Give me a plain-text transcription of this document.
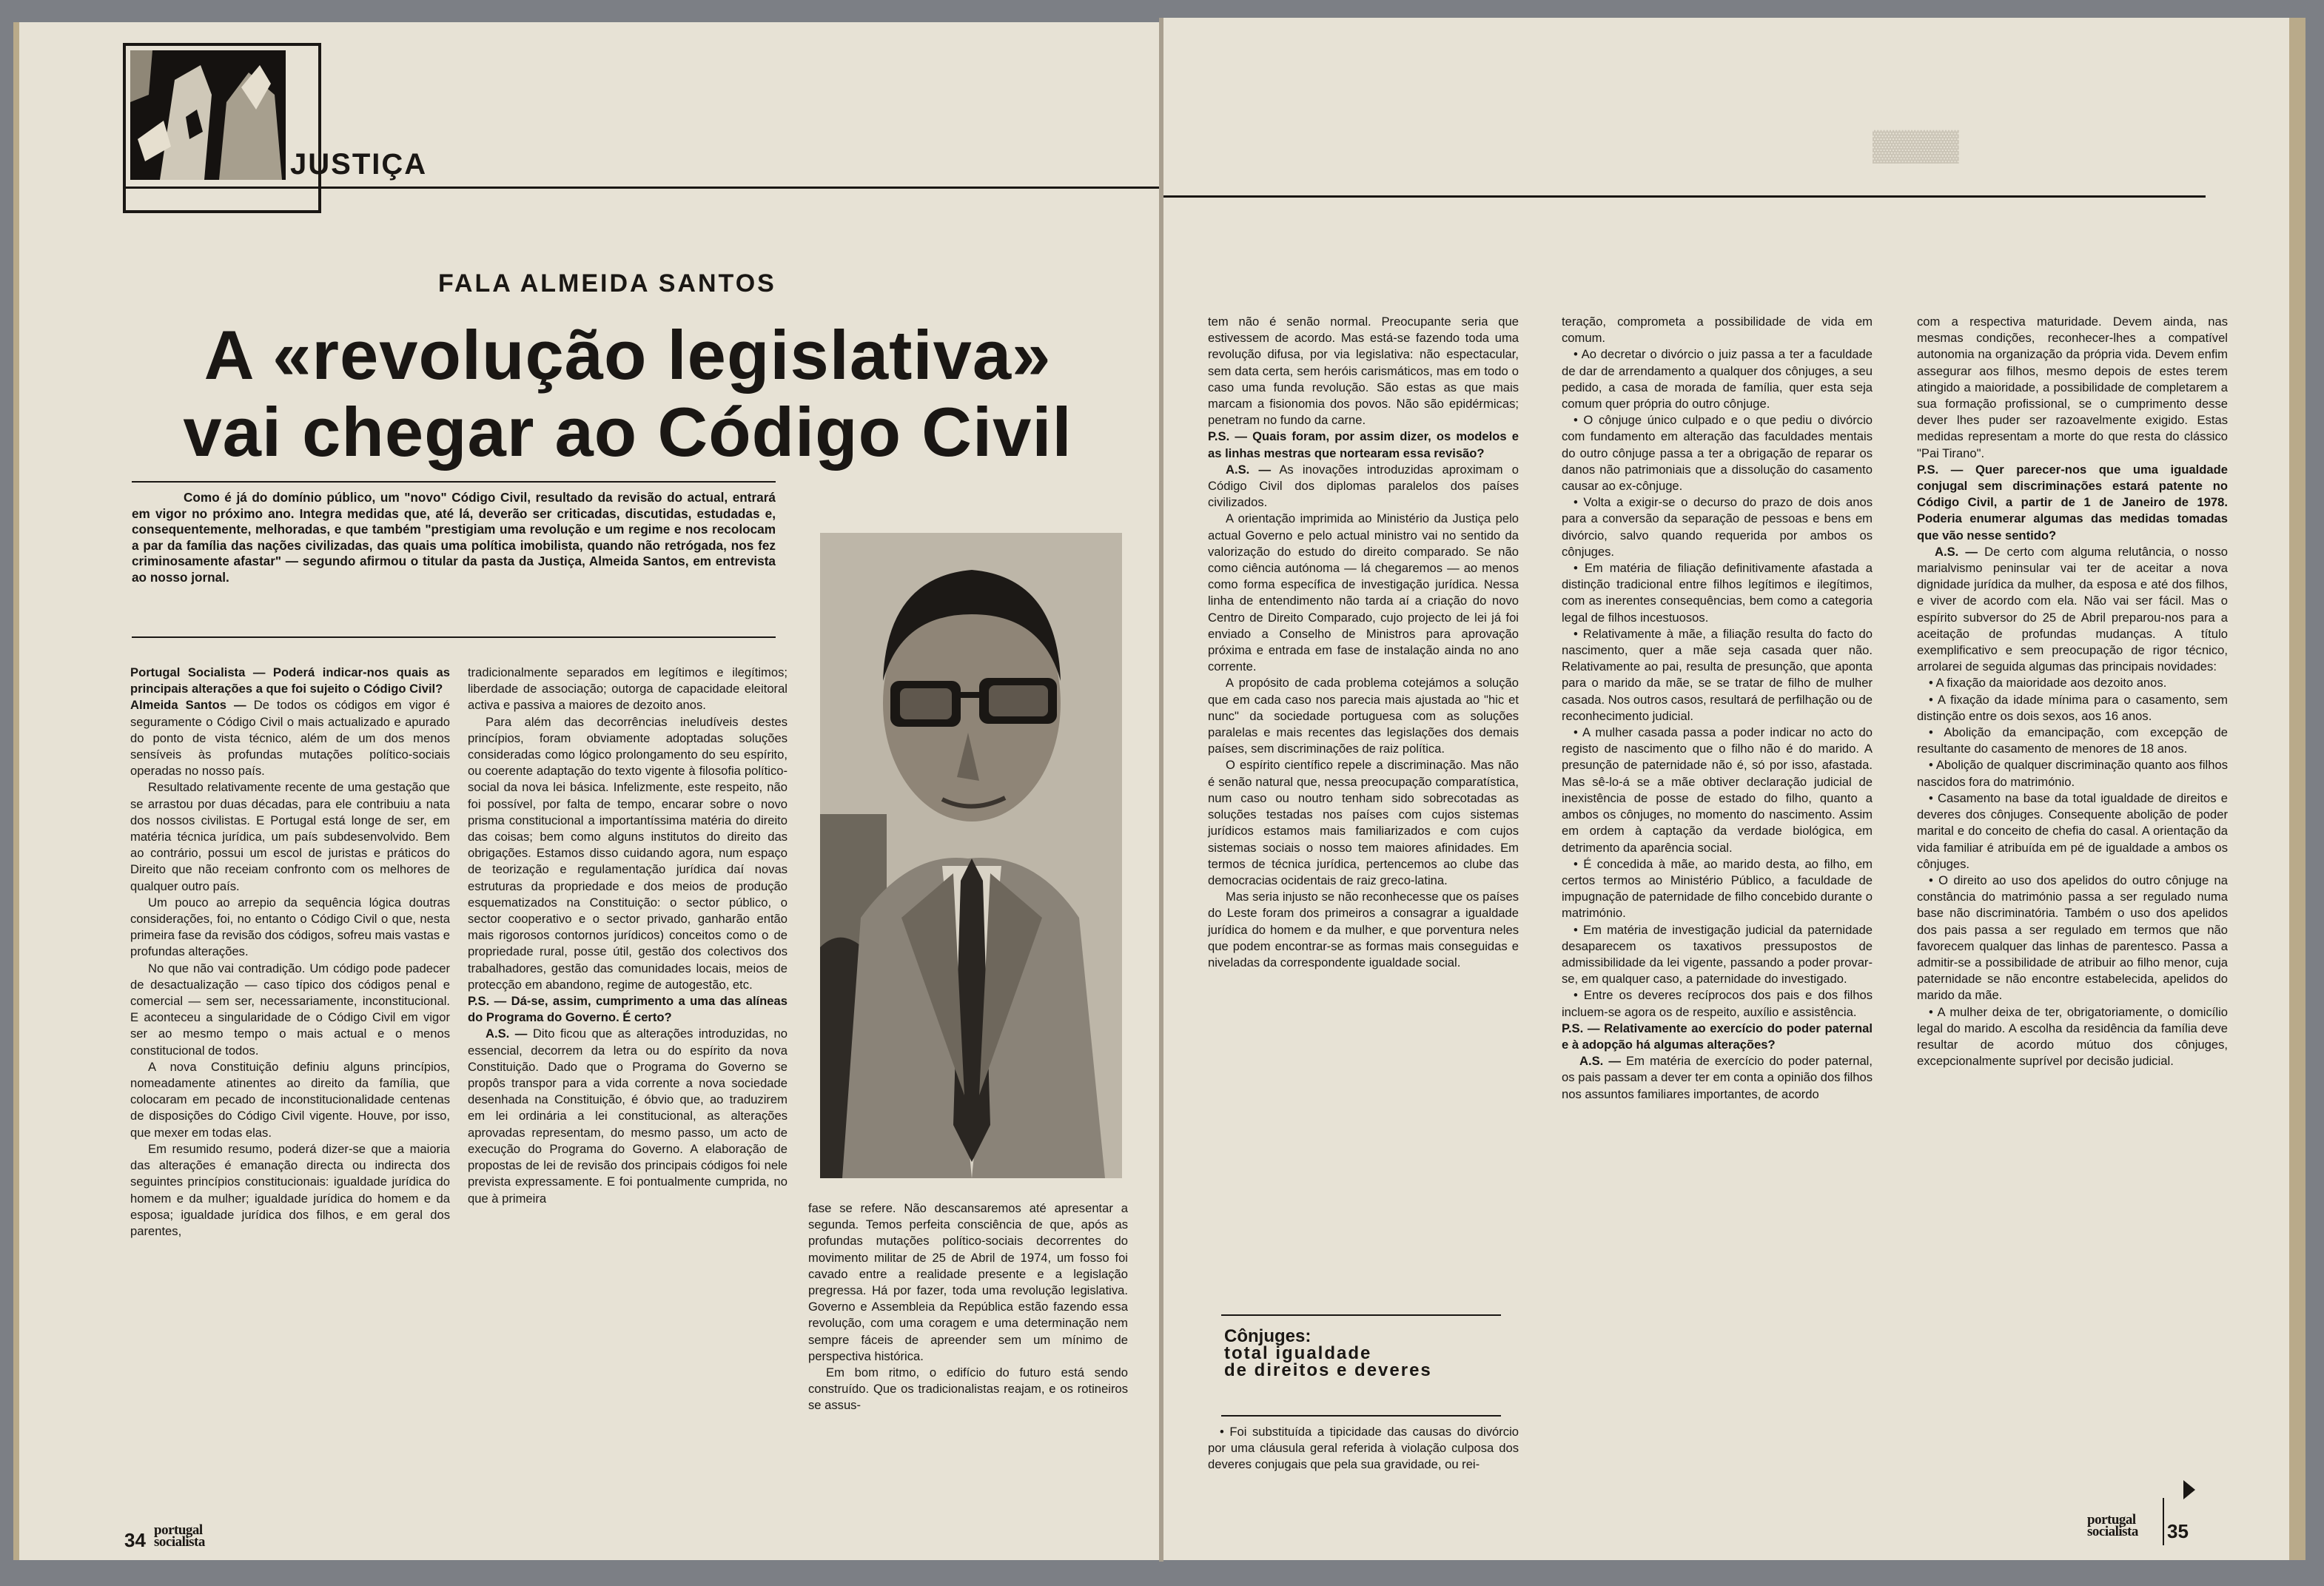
JUSTIÇA
FALA ALMEIDA SANTOS
A «revolução legislativa»
vai chegar ao Código Civil
Como é já do domínio público, um "novo" Código Civil, resultado da revisão do actual, entrará em vigor no próximo ano. Integra medidas que, até lá, deverão ser criticadas, discutidas, estudadas e, consequentemente, melhoradas, e que também "prestigiam uma revolução e um regime e nos recolocam a par da família das nações civilizadas, das quais uma política imobilista, quando não retrógada, nos fez criminosamente afastar" — segundo afirmou o titular da pasta da Justiça, Almeida Santos, em entrevista ao nosso jornal.

Portugal Socialista — Poderá indicar-nos quais as principais alterações a que foi sujeito o Código Civil?

Almeida Santos — De todos os códigos em vigor é seguramente o Código Civil o mais actualizado e apurado do ponto de vista técnico, além de um dos menos sensíveis às profundas mutações político-sociais operadas no nosso país.

Resultado relativamente recente de uma gestação que se arrastou por duas décadas, para ele contribuiu a nata dos nossos civilistas. E Portugal está longe de ser, em matéria técnica jurídica, um país subdesenvolvido. Bem ao contrário, possui um escol de juristas e práticos do Direito que não receiam confronto com os melhores de qualquer outro país.

Um pouco ao arrepio da sequência lógica doutras considerações, foi, no entanto o Código Civil o que, nesta primeira fase da revisão dos códigos, sofreu mais vastas e profundas alterações.

No que não vai contradição. Um código pode padecer de desactualização — caso típico dos códigos penal e comercial — sem ser, necessariamente, inconstitucional. E aconteceu a singularidade de o Código Civil em vigor ser ao mesmo tempo o mais actual e o menos constitucional de todos.

A nova Constituição definiu alguns princípios, nomeadamente atinentes ao direito da família, que colocaram em pecado de inconstitucionalidade centenas de disposições do Código Civil vigente. Houve, por isso, que mexer em todas elas.

Em resumido resumo, poderá dizer-se que a maioria das alterações é emanação directa ou indirecta dos seguintes princípios constitucionais: igualdade jurídica do homem e da mulher; igualdade jurídica do homem e da esposa; igualdade jurídica dos filhos, e em geral dos parentes,

tradicionalmente separados em legítimos e ilegítimos; liberdade de associação; outorga de capacidade eleitoral activa e passiva a maiores de dezoito anos.

Para além das decorrências ineludíveis destes princípios, foram obviamente adoptadas soluções consideradas como lógico prolongamento do seu espírito, ou coerente adaptação do texto vigente à filosofia político-social da nova lei básica. Infelizmente, este respeito, não foi possível, por falta de tempo, encarar sobre o novo prisma constitucional a importantíssima matéria do direito das coisas; bem como alguns institutos do direito das obrigações. Estamos disso cuidando agora, num espaço de teorização e regulamentação jurídica daí novas estruturas da propriedade e dos meios de produção esquematizados na Constituição: o sector público, o sector cooperativo e o sector privado, ganharão então mais rigorosos contornos jurídicos) conceitos como o de propriedade rural, posse útil, gestão dos colectivos dos trabalhadores, gestão das comunidades locais, meios de protecção em abandono, regime de autogestão, etc.

P.S. — Dá-se, assim, cumprimento a uma das alíneas do Programa do Governo. É certo?

A.S. — Dito ficou que as alterações introduzidas, no essencial, decorrem da letra ou do espírito da nova Constituição. Dado que o Programa do Governo se propôs transpor para a vida corrente a nova sociedade desenhada na Constituição, é óbvio que, ao traduzirem em lei ordinária a lei constitucional, as alterações aprovadas representam, do mesmo passo, um acto de execução do Programa do Governo. A elaboração de propostas de lei de revisão dos principais códigos foi nele prevista expressamente. E foi pontualmente cumprida, no que à primeira

fase se refere. Não descansaremos até apresentar a segunda. Temos perfeita consciência de que, após as profundas mutações político-sociais decorrentes do movimento militar de 25 de Abril de 1974, um fosso foi cavado entre a realidade presente e a legislação pregressa. Há por fazer, toda uma revolução legislativa. Governo e Assembleia da República estão fazendo essa revolução, com uma coragem e uma determinação nem sempre fáceis de apreender sem um mínimo de perspectiva histórica.

Em bom ritmo, o edifício do futuro está sendo construído. Que os tradicionalistas reajam, e os rotineiros se assus-

34 portugal
socialista
▓▓▓▓

tem não é senão normal. Preocupante seria que estivessem de acordo. Mas está-se fazendo toda uma revolução difusa, por via legislativa: não espectacular, sem data certa, sem heróis carismáticos, mas em todo o caso uma funda revolução. São estas as que mais marcam a fisionomia dos povos. Não são epidérmicas; penetram no fundo da carne.

P.S. — Quais foram, por assim dizer, os modelos e as linhas mestras que nortearam essa revisão?

A.S. — As inovações introduzidas aproximam o Código Civil dos diplomas paralelos dos países civilizados.

A orientação imprimida ao Ministério da Justiça pelo actual Governo e pelo actual ministro vai no sentido da valorização do estudo do direito comparado. Se não como ciência autónoma — lá chegaremos — ao menos como forma específica de investigação jurídica. Nessa linha de entendimento não tarda aí a criação do novo Centro de Direito Comparado, cujo projecto de lei já foi enviado a Conselho de Ministros para aprovação próxima e entrada em fase de instalação ainda no ano corrente.

A propósito de cada problema cotejámos a solução que em cada caso nos parecia mais ajustada ao "hic et nunc" da sociedade portuguesa com as soluções paralelas e mais recentes das legislações dos demais países, sem discriminações de raiz política.

O espírito científico repele a discriminação. Mas não é senão natural que, nessa preocupação comparatística, num caso ou noutro tenham sido sobrecotadas as soluções testadas nos países com cujos sistemas jurídicos estamos mais familiarizados e com cujos sistemas sociais o nosso tem maiores afinidades. Em termos de técnica jurídica, pertencemos ao clube das democracias ocidentais de raiz greco-latina.

Mas seria injusto se não reconhecesse que os países do Leste foram dos primeiros a consagrar a igualdade jurídica do homem e da mulher, e que porventura neles que podem encontrar-se as formas mais conseguidas e niveladas da correspondente igualdade social.

Cônjuges:
total igualdade
de direitos e deveres

• Foi substituída a tipicidade das causas do divórcio por uma cláusula geral referida à violação culposa dos deveres conjugais que pela sua gravidade, ou rei-

teração, comprometa a possibilidade de vida em comum.

• Ao decretar o divórcio o juiz passa a ter a faculdade de dar de arrendamento a qualquer dos cônjuges, a seu pedido, a casa de morada de família, quer esta seja comum quer própria do outro cônjuge.

• O cônjuge único culpado e o que pediu o divórcio com fundamento em alteração das faculdades mentais do outro cônjuge passa a ter a obrigação de reparar os danos não patrimoniais que a dissolução do casamento causar ao ex-cônjuge.

• Volta a exigir-se o decurso do prazo de dois anos para a conversão da separação de pessoas e bens em divórcio, salvo quando requerida por ambos os cônjuges.

• Em matéria de filiação definitivamente afastada a distinção tradicional entre filhos legítimos e ilegítimos, com as inerentes consequências, bem como a categoria legal de filhos incestuosos.

• Relativamente à mãe, a filiação resulta do facto do nascimento, quer a mãe seja casada quer não. Relativamente ao pai, resulta de presunção, que aponta para o marido da mãe, se se tratar de filho de mulher casada. Nos outros casos, resultará de perfilhação ou de reconhecimento judicial.

• A mulher casada passa a poder indicar no acto do registo de nascimento que o filho não é do marido. A presunção de paternidade não é, só por isso, afastada. Mas sê-lo-á se a mãe obtiver declaração judicial de inexistência de posse de estado do filho, quanto a ambos os cônjuges, no momento do nascimento. Assim em ordem à captação da verdade biológica, em detrimento da aparência social.

• É concedida à mãe, ao marido desta, ao filho, em certos termos ao Ministério Público, a faculdade de impugnação de paternidade de filho concebido durante o matrimónio.

• Em matéria de investigação judicial da paternidade desaparecem os taxativos pressupostos de admissibilidade da lei vigente, passando a poder provar-se, em qualquer caso, a paternidade do investigado.

• Entre os deveres recíprocos dos pais e dos filhos incluem-se agora os de respeito, auxílio e assistência.

P.S. — Relativamente ao exercício do poder paternal e à adopção há algumas alterações?

A.S. — Em matéria de exercício do poder paternal, os pais passam a dever ter em conta a opinião dos filhos nos assuntos familiares importantes, de acordo

com a respectiva maturidade. Devem ainda, nas mesmas condições, reconhecer-lhes a compatível autonomia na organização da própria vida. Devem enfim assegurar aos filhos, mesmo depois de estes terem atingido a maioridade, a possibilidade de completarem a sua formação profissional, se o cumprimento desse dever lhes puder ser razoavelmente exigido. Estas medidas representam a morte do que resta do clássico "Pai Tirano".

P.S. — Quer parecer-nos que uma igualdade conjugal sem discriminações estará patente no Código Civil, a partir de 1 de Janeiro de 1978. Poderia enumerar algumas das medidas tomadas que vão nesse sentido?

A.S. — De certo com alguma relutância, o nosso marialvismo peninsular vai ter de aceitar a nova dignidade jurídica da mulher, da esposa e até dos filhos, e viver de acordo com ela. Não vai ser fácil. Mas o espírito subversor do 25 de Abril preparou-nos para a aceitação de profundas mudanças. A título exemplificativo e sem preocupação de rigor técnico, arrolarei de seguida algumas das principais novidades:

• A fixação da maioridade aos dezoito anos.

• A fixação da idade mínima para o casamento, sem distinção entre os dois sexos, aos 16 anos.

• Abolição da emancipação, com excepção de resultante do casamento de menores de 18 anos.

• Abolição de qualquer discriminação quanto aos filhos nascidos fora do matrimónio.

• Casamento na base da total igualdade de direitos e deveres dos cônjuges. Consequente abolição de poder marital e do conceito de chefia do casal. A orientação da vida familiar é atribuída em pé de igualdade a ambos os cônjuges.

• O direito ao uso dos apelidos do outro cônjuge na constância do matrimónio passa a ser regulado numa base não discriminatória. Também o uso dos apelidos dos pais passa a ser regulado em termos que não favorecem qualquer das linhas de parentesco. Passa a admitir-se a possibilidade de atribuir ao filho menor, cuja paternidade se não encontre estabelecida, apelidos do marido da mãe.

• A mulher deixa de ter, obrigatoriamente, o domicílio legal do marido. A escolha da residência da família deve resultar de acordo mútuo dos cônjuges, excepcionalmente suprível por decisão judicial.

portugal
socialista 35
